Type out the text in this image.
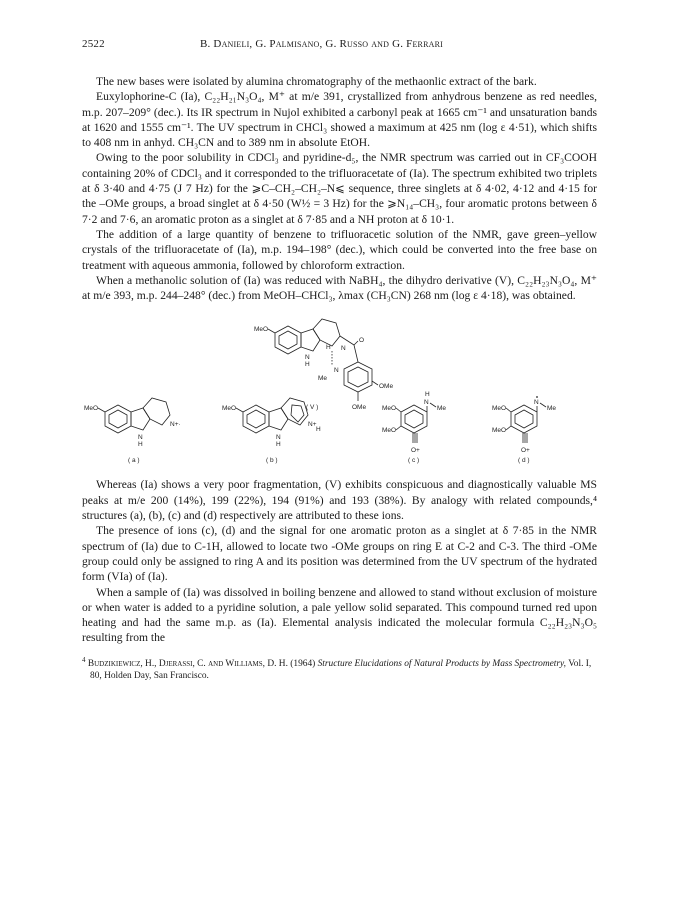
2522	B. Danieli, G. Palmisano, G. Russo and G. Ferrari

The new bases were isolated by alumina chromatography of the methaonlic extract of the bark.

Euxylophorine-C (Ia), C₂₂H₂₁N₃O₄, M⁺ at m/e 391, crystallized from anhydrous benzene as red needles, m.p. 207–209° (dec.). Its IR spectrum in Nujol exhibited a carbonyl peak at 1665 cm⁻¹ and unsaturation bands at 1620 and 1555 cm⁻¹. The UV spectrum in CHCl₃ showed a maximum at 425 nm (log ε 4·51), which shifts to 408 nm in anhyd. CH₃CN and to 389 nm in absolute EtOH.

Owing to the poor solubility in CDCl₃ and pyridine-d₅, the NMR spectrum was carried out in CF₃COOH containing 20% of CDCl₃ and it corresponded to the trifluoracetate of (Ia). The spectrum exhibited two triplets at δ 3·40 and 4·75 (J 7 Hz) for the ⩾C–CH₂–CH₂–N⩽ sequence, three singlets at δ 4·02, 4·12 and 4·15 for the –OMe groups, a broad singlet at δ 4·50 (W½ = 3 Hz) for the ⩾N₁₄–CH₃, four aromatic protons between δ 7·2 and 7·6, an aromatic proton as a singlet at δ 7·85 and a NH proton at δ 10·1.

The addition of a large quantity of benzene to trifluoracetic solution of the NMR, gave green–yellow crystals of the trifluoracetate of (Ia), m.p. 194–198° (dec.), which could be converted into the free base on treatment with aqueous ammonia, followed by chloroform extraction.

When a methanolic solution of (Ia) was reduced with NaBH₄, the dihydro derivative (V), C₂₂H₂₃N₃O₄, M⁺ at m/e 393, m.p. 244–248° (dec.) from MeOH–CHCl₃, λmax (CH₃CN) 268 nm (log ε 4·18), was obtained.

MeO
N
H
H N
O
N
Me
OMe
OMe
( V )
MeO
N
H
N+·
( a )
MeO
N
H
N+
H
( b )
MeO
MeO
H
N
Me
O+
( c )
MeO
MeO
N
Me
O+
( d )

Whereas (Ia) shows a very poor fragmentation, (V) exhibits conspicuous and diagnostically valuable MS peaks at m/e 200 (14%), 199 (22%), 194 (91%) and 193 (38%). By analogy with related compounds,⁴ structures (a), (b), (c) and (d) respectively are attributed to these ions.

The presence of ions (c), (d) and the signal for one aromatic proton as a singlet at δ 7·85 in the NMR spectrum of (Ia) due to C-1H, allowed to locate two -OMe groups on ring E at C-2 and C-3. The third -OMe group could only be assigned to ring A and its position was determined from the UV spectrum of the hydrated form (VIa) of (Ia).

When a sample of (Ia) was dissolved in boiling benzene and allowed to stand without exclusion of moisture or when water is added to a pyridine solution, a pale yellow solid separated. This compound turned red upon heating and had the same m.p. as (Ia). Elemental analysis indicated the molecular formula C₂₂H₂₃N₃O₅ resulting from the

$^4$ Budzikiewicz, H., Djerassi, C. and Williams, D. H. (1964) Structure Elucidations of Natural Products by Mass Spectrometry, Vol. I, 80, Holden Day, San Francisco.
